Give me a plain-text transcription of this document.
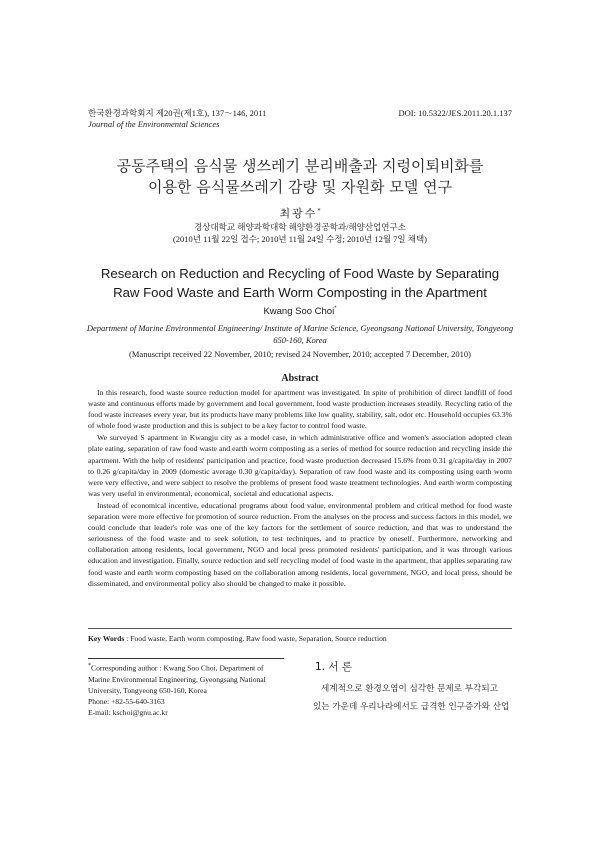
한국환경과학회지 제20권(제1호), 137～146, 2011
Journal of the Environmental Sciences
DOI: 10.5322/JES.2011.20.1.137
공동주택의 음식물 생쓰레기 분리배출과 지렁이퇴비화를
이용한 음식물쓰레기 감량 및 자원화 모델 연구
최광수*
경상대학교 해양과학대학 해양환경공학과/해양산업연구소
(2010년 11월 22일 접수; 2010년 11월 24일 수정; 2010년 12월 7일 채택)
Research on Reduction and Recycling of Food Waste by Separating
Raw Food Waste and Earth Worm Composting in the Apartment
Kwang Soo Choi*
Department of Marine Environmental Engineering/ Institute of Marine Science, Gyeongsang National University, Tongyeong 650-160, Korea
(Manuscript received 22 November, 2010; revised 24 November, 2010; accepted 7 December, 2010)
Abstract

In this research, food waste source reduction model for apartment was investigated. In spite of prohibition of direct landfill of food waste and continuous efforts made by government and local government, food waste production increases steadily. Recycling ratio of the food waste increases every year, but its products have many problems like low quality, stability, salt, odor etc. Household occupies 63.3% of whole food waste production and this is subject to be a key factor to control food waste.

We surveyed S apartment in Kwangju city as a model case, in which administrative office and women's association adopted clean plate eating, separation of raw food waste and earth worm composting as a series of method for source reduction and recycling inside the apartment. With the help of residents' participation and practice, food waste production decreased 15.6% from 0.31 g/capita/day in 2007 to 0.26 g/capita/day in 2009 (domestic average 0.30 g/capita/day). Separation of raw food waste and its composting using earth worm were very effective, and were subject to resolve the problems of present food waste treatment technologies. And earth worm composting was very useful in environmental, economical, societal and educational aspects.

Instead of economical incentive, educational programs about food value, environmental problem and critical method for food waste separation were more effective for promotion of source reduction. From the analyses on the process and success factors in this model, we could conclude that leader's role was one of the key factors for the settlement of source reduction, and that was to understand the seriousness of the food waste and to seek solution, to test techniques, and to practice by oneself. Furthermore, networking and collaboration among residents, local government, NGO and local press promoted residents' participation, and it was through various education and investigation. Finally, source reduction and self recycling model of food waste in the apartment, that applies separating raw food waste and earth worm composting based on the collaboration among residents, local government, NGO, and local press, should be disseminated, and environmental policy also should be changed to make it possible.

Key Words : Food waste, Earth worm composting, Raw food waste, Separation, Source reduction
*Corresponding author : Kwang Soo Choi, Department of Marine Environmental Engineering, Gyeongsang National University, Tongyeong 650-160, Korea
Phone: +82-55-640-3163
E-mail: kschoi@gnu.ac.kr
1. 서 론

세계적으로 환경오염이 심각한 문제로 부각되고

있는 가운데 우리나라에서도 급격한 인구증가와 산업
